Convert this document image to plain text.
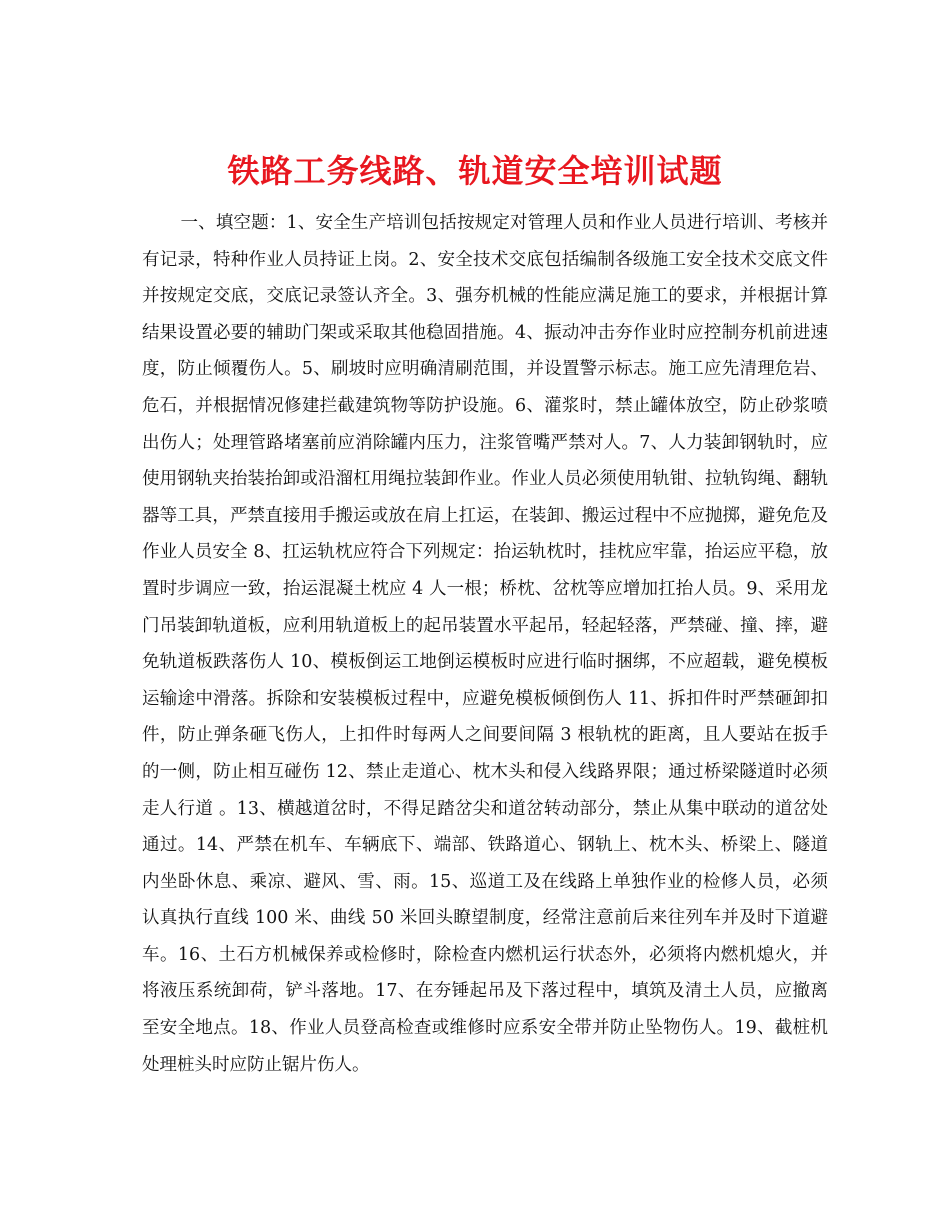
铁路工务线路、轨道安全培训试题

一、填空题：1、安全生产培训包括按规定对管理人员和作业人员进行培训、考核并有记录，特种作业人员持证上岗。2、安全技术交底包括编制各级施工安全技术交底文件并按规定交底，交底记录签认齐全。3、强夯机械的性能应满足施工的要求，并根据计算结果设置必要的辅助门架或采取其他稳固措施。4、振动冲击夯作业时应控制夯机前进速度，防止倾覆伤人。5、刷坡时应明确清刷范围，并设置警示标志。施工应先清理危岩、危石，并根据情况修建拦截建筑物等防护设施。6、灌浆时，禁止罐体放空，防止砂浆喷出伤人；处理管路堵塞前应消除罐内压力，注浆管嘴严禁对人。7、人力装卸钢轨时，应使用钢轨夹抬装抬卸或沿溜杠用绳拉装卸作业。作业人员必须使用轨钳、拉轨钩绳、翻轨器等工具，严禁直接用手搬运或放在肩上扛运，在装卸、搬运过程中不应抛掷，避免危及作业人员安全 8、扛运轨枕应符合下列规定：抬运轨枕时，挂枕应牢靠，抬运应平稳，放置时步调应一致，抬运混凝土枕应 4 人一根；桥枕、岔枕等应增加扛抬人员。9、采用龙门吊装卸轨道板，应利用轨道板上的起吊装置水平起吊，轻起轻落，严禁碰、撞、摔，避免轨道板跌落伤人 10、模板倒运工地倒运模板时应进行临时捆绑，不应超载，避免模板运输途中滑落。拆除和安装模板过程中，应避免模板倾倒伤人 11、拆扣件时严禁砸卸扣件，防止弹条砸飞伤人，上扣件时每两人之间要间隔 3 根轨枕的距离，且人要站在扳手的一侧，防止相互碰伤 12、禁止走道心、枕木头和侵入线路界限；通过桥梁隧道时必须走人行道 。13、横越道岔时，不得足踏岔尖和道岔转动部分，禁止从集中联动的道岔处通过。14、严禁在机车、车辆底下、端部、铁路道心、钢轨上、枕木头、桥梁上、隧道内坐卧休息、乘凉、避风、雪、雨。15、巡道工及在线路上单独作业的检修人员，必须认真执行直线 100 米、曲线 50 米回头瞭望制度，经常注意前后来往列车并及时下道避车。16、土石方机械保养或检修时，除检查内燃机运行状态外，必须将内燃机熄火，并将液压系统卸荷，铲斗落地。17、在夯锤起吊及下落过程中，填筑及清土人员，应撤离至安全地点。18、作业人员登高检查或维修时应系安全带并防止坠物伤人。19、截桩机处理桩头时应防止锯片伤人。
